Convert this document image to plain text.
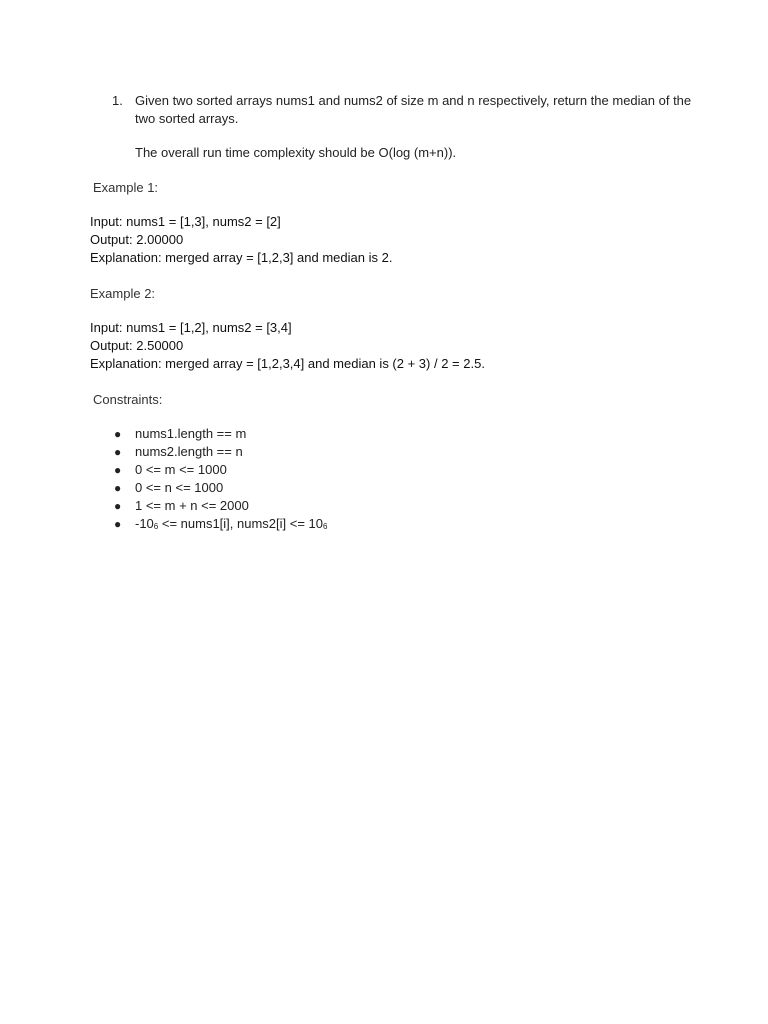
1. Given two sorted arrays nums1 and nums2 of size m and n respectively, return the median of the two sorted arrays.
The overall run time complexity should be O(log (m+n)).
Example 1:
Input: nums1 = [1,3], nums2 = [2]
Output: 2.00000
Explanation: merged array = [1,2,3] and median is 2.
Example 2:
Input: nums1 = [1,2], nums2 = [3,4]
Output: 2.50000
Explanation: merged array = [1,2,3,4] and median is (2 + 3) / 2 = 2.5.
Constraints:
● nums1.length == m
● nums2.length == n
● 0 <= m <= 1000
● 0 <= n <= 1000
● 1 <= m + n <= 2000
● $-10^6$ <= nums1[i], nums2[i] <= $10^6$
